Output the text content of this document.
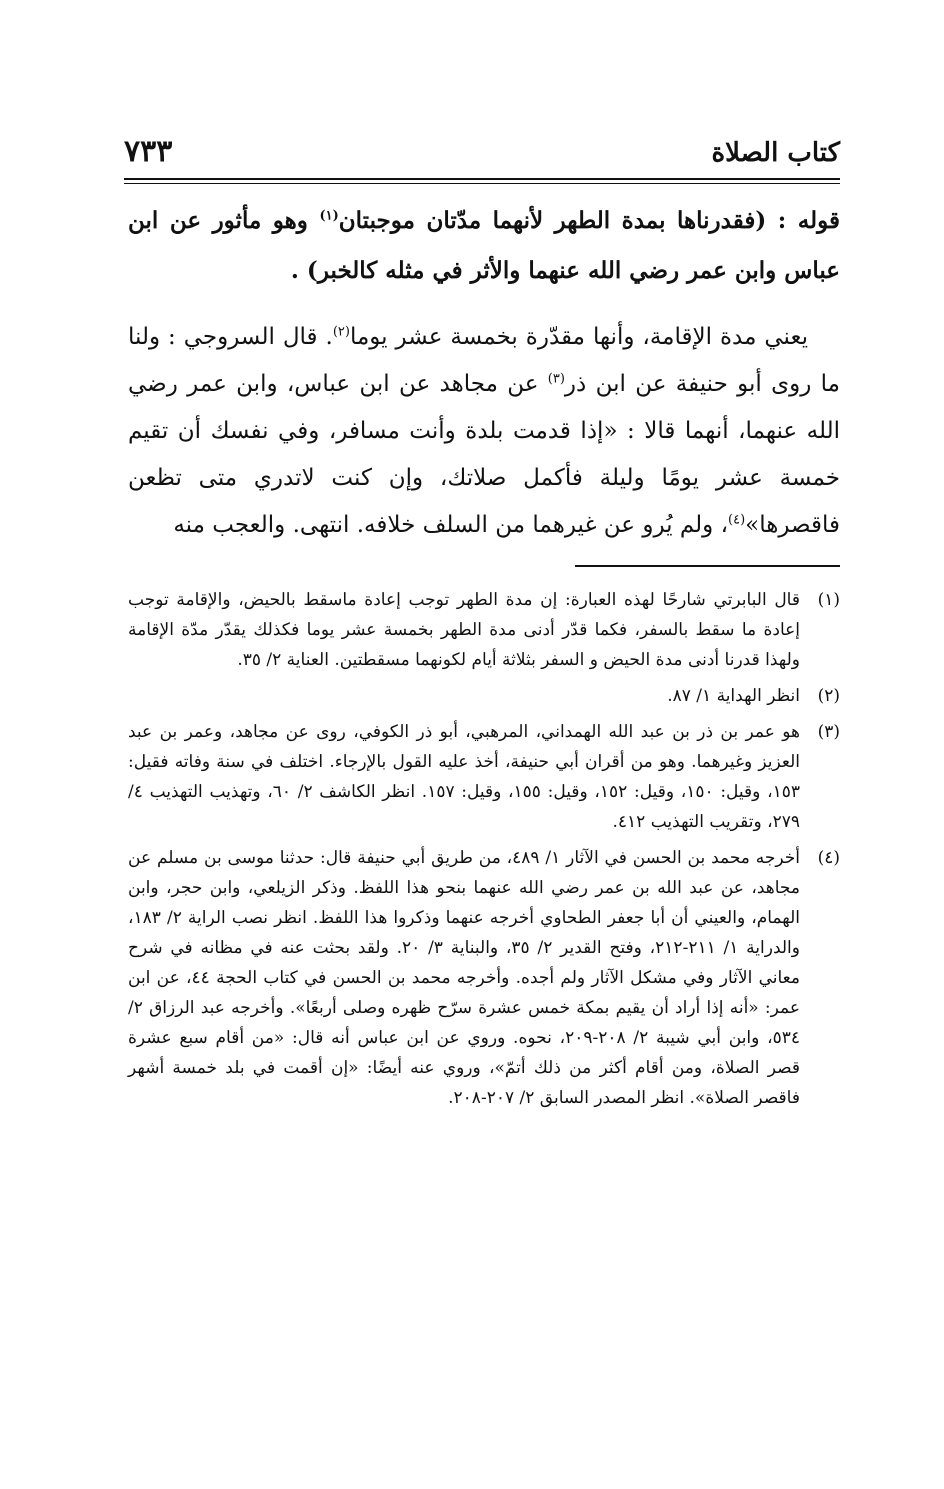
كتاب الصلاة
٧٣٣

قوله : (فقدرناها بمدة الطهر لأنهما مدّتان موجبتان$^{(١)}$ وهو مأثور عن ابن عباس وابن عمر رضي الله عنهما والأثر في مثله كالخبر) .

يعني مدة الإقامة، وأنها مقدّرة بخمسة عشر يوما$^{(٢)}$. قال السروجي : ولنا ما روى أبو حنيفة عن ابن ذر$^{(٣)}$ عن مجاهد عن ابن عباس، وابن عمر رضي الله عنهما، أنهما قالا : «إذا قدمت بلدة وأنت مسافر، وفي نفسك أن تقيم خمسة عشر يومًا وليلة فأكمل صلاتك، وإن كنت لاتدري متى تظعن فاقصرها»$^{(٤)}$، ولم يُرو عن غيرهما من السلف خلافه. انتهى. والعجب منه

(١)
قال البابرتي شارحًا لهذه العبارة: إن مدة الطهر توجب إعادة ماسقط بالحيض، والإقامة توجب إعادة ما سقط بالسفر، فكما قدّر أدنى مدة الطهر بخمسة عشر يوما فكذلك يقدّر مدّة الإقامة ولهذا قدرنا أدنى مدة الحيض و السفر بثلاثة أيام لكونهما مسقطتين. العناية ٢/ ٣٥.
(٢)
انظر الهداية ١/ ٨٧.
(٣)
هو عمر بن ذر بن عبد الله الهمداني، المرهبي، أبو ذر الكوفي، روى عن مجاهد، وعمر بن عبد العزيز وغيرهما. وهو من أقران أبي حنيفة، أخذ عليه القول بالإرجاء. اختلف في سنة وفاته فقيل: ١٥٣، وقيل: ١٥٠، وقيل: ١٥٢، وقيل: ١٥٥، وقيل: ١٥٧. انظر الكاشف ٢/ ٦٠، وتهذيب التهذيب ٤/ ٢٧٩، وتقريب التهذيب ٤١٢.
(٤)
أخرجه محمد بن الحسن في الآثار ١/ ٤٨٩، من طريق أبي حنيفة قال: حدثنا موسى بن مسلم عن مجاهد، عن عبد الله بن عمر رضي الله عنهما بنحو هذا اللفظ. وذكر الزيلعي، وابن حجر، وابن الهمام، والعيني أن أبا جعفر الطحاوي أخرجه عنهما وذكروا هذا اللفظ. انظر نصب الراية ٢/ ١٨٣، والدراية ١/ ٢١١-٢١٢، وفتح القدير ٢/ ٣٥، والبناية ٣/ ٢٠. ولقد بحثت عنه في مظانه في شرح معاني الآثار وفي مشكل الآثار ولم أجده. وأخرجه محمد بن الحسن في كتاب الحجة ٤٤، عن ابن عمر: «أنه إذا أراد أن يقيم بمكة خمس عشرة سرّح ظهره وصلى أربعًا». وأخرجه عبد الرزاق ٢/ ٥٣٤، وابن أبي شيبة ٢/ ٢٠٨-٢٠٩، نحوه. وروي عن ابن عباس أنه قال: «من أقام سبع عشرة قصر الصلاة، ومن أقام أكثر من ذلك أتمّ»، وروي عنه أيضًا: «إن أقمت في بلد خمسة أشهر فاقصر الصلاة». انظر المصدر السابق ٢/ ٢٠٧-٢٠٨.
